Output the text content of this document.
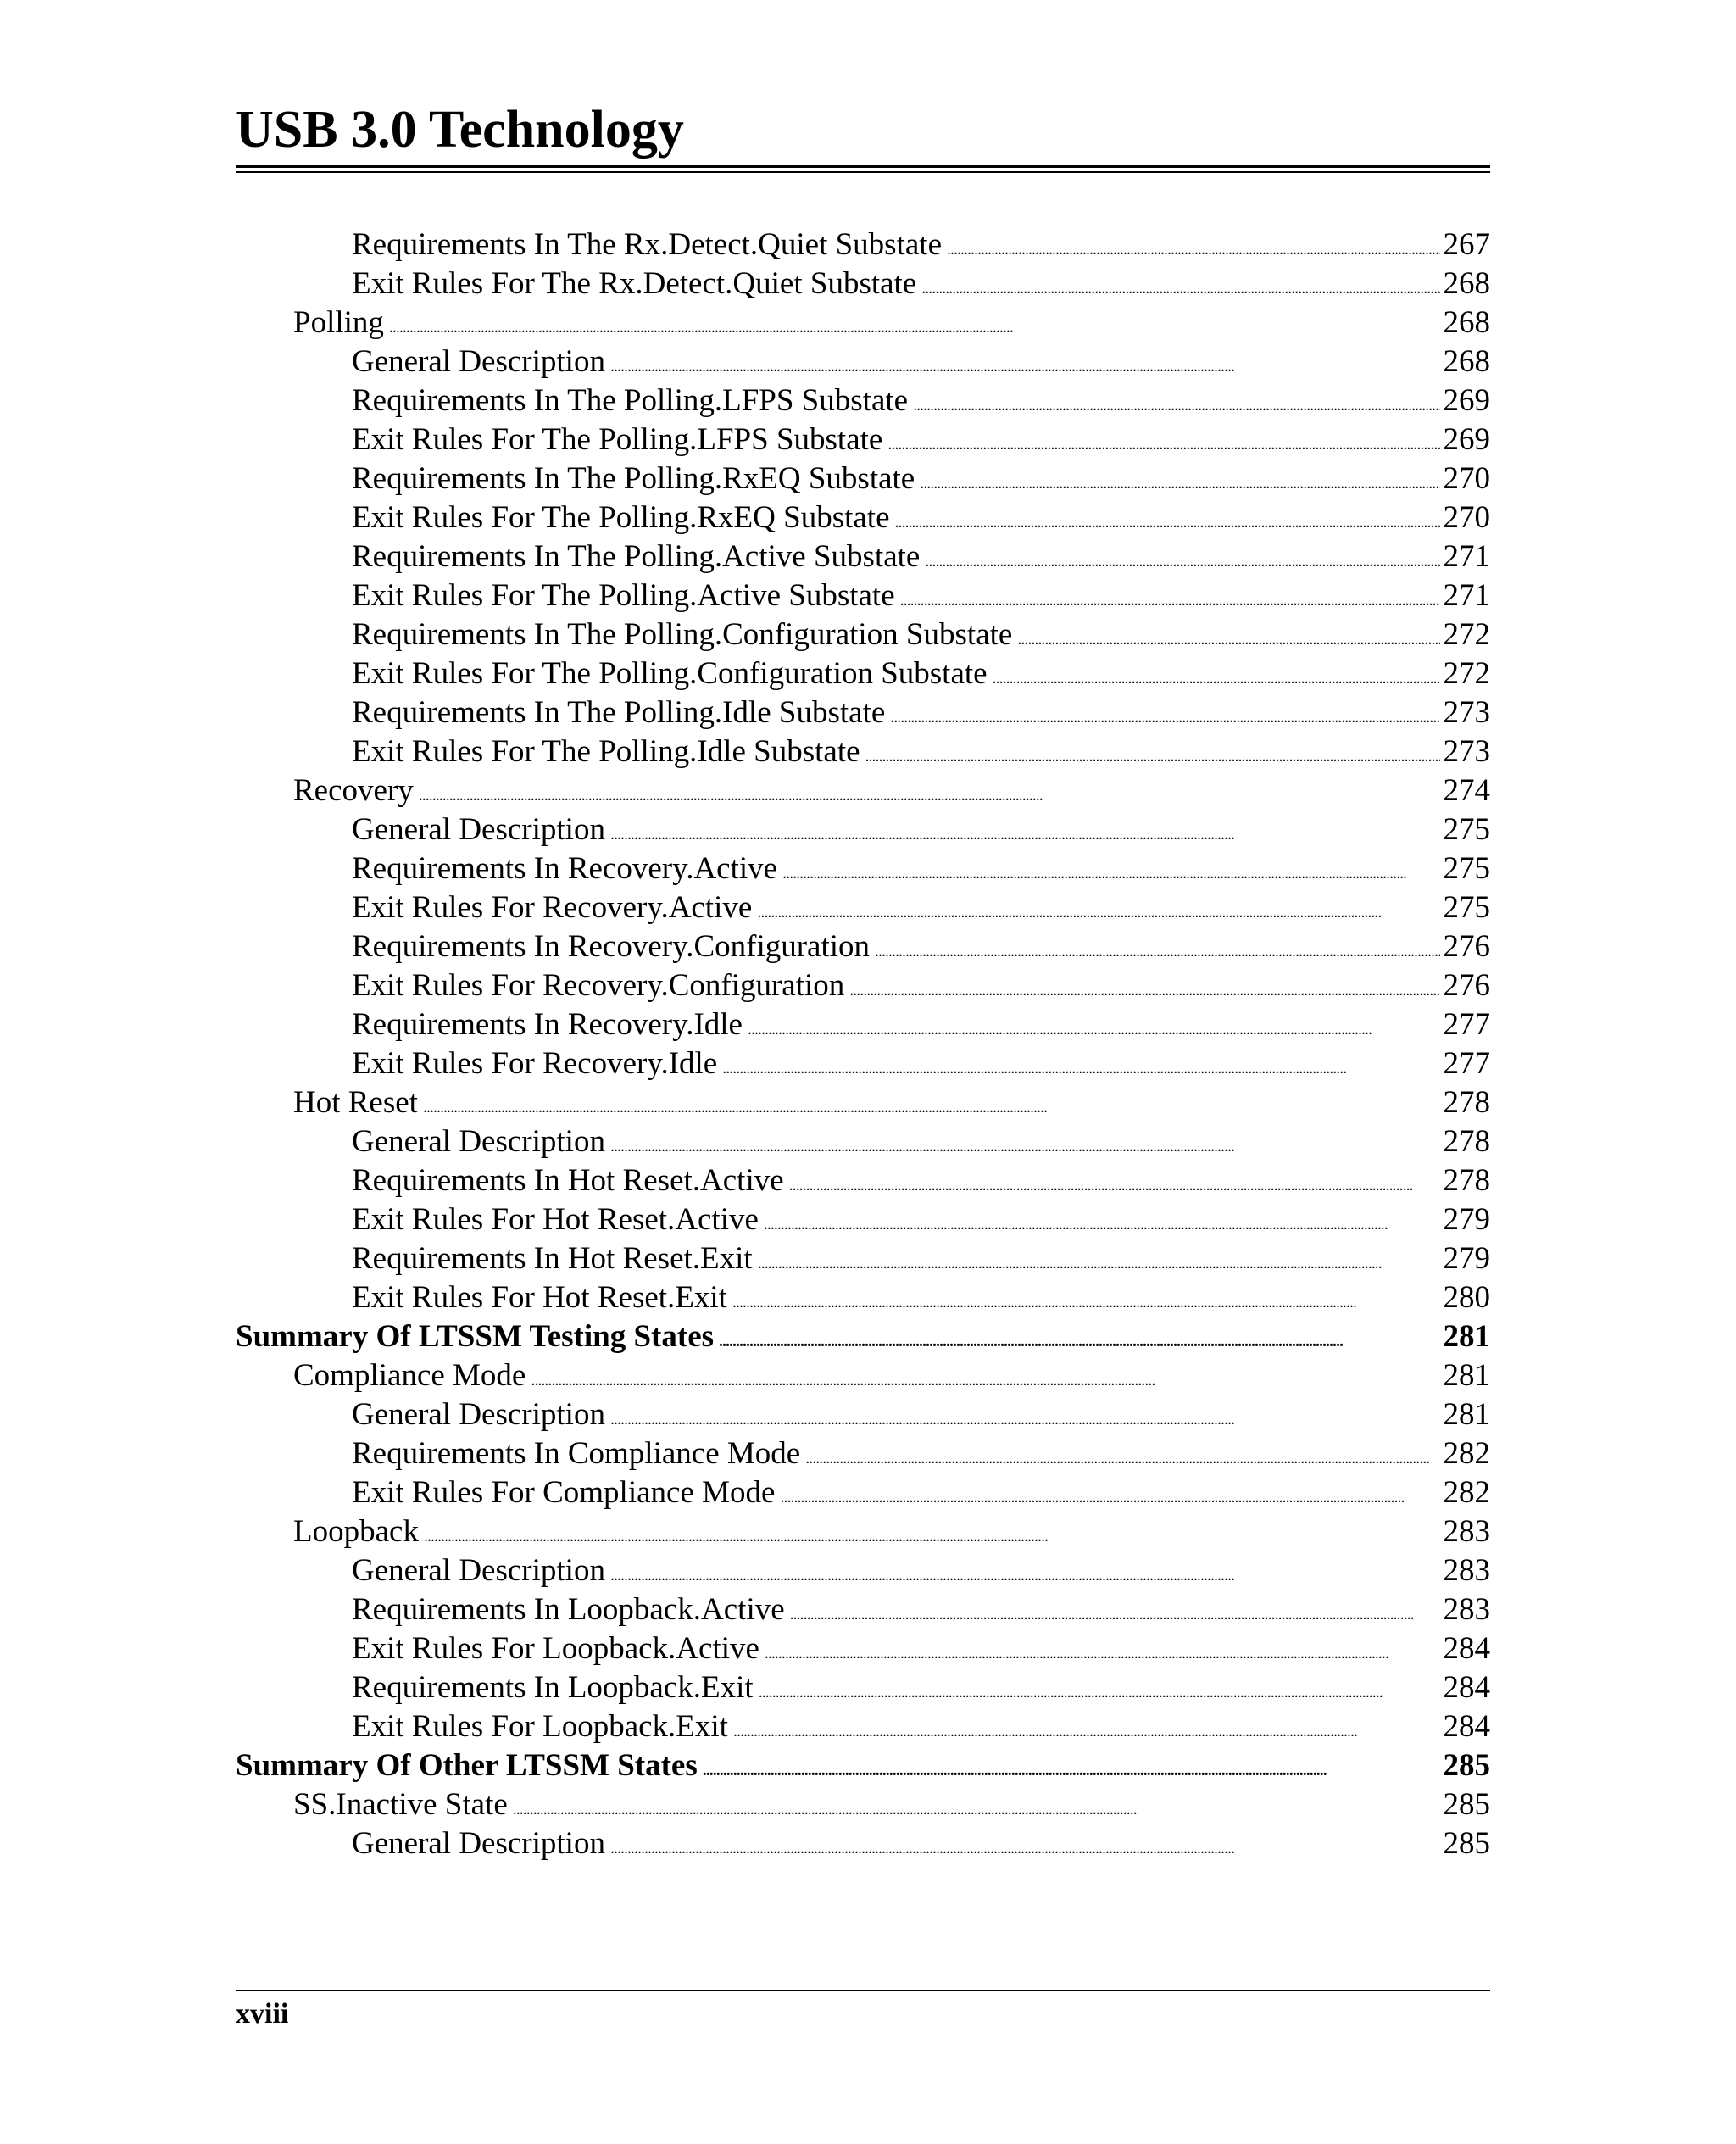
USB 3.0 Technology
Requirements In The Rx.Detect.Quiet Substate . . .	267
Exit Rules For The Rx.Detect.Quiet Substate . . .	268
Polling . . .	268
General Description . . .	268
Requirements In The Polling.LFPS Substate . . .	269
Exit Rules For The Polling.LFPS Substate . . .	269
Requirements In The Polling.RxEQ Substate . . .	270
Exit Rules For The Polling.RxEQ Substate . . .	270
Requirements In The Polling.Active Substate . . .	271
Exit Rules For The Polling.Active Substate . . .	271
Requirements In The Polling.Configuration Substate . . .	272
Exit Rules For The Polling.Configuration Substate . . .	272
Requirements In The Polling.Idle Substate . . .	273
Exit Rules For The Polling.Idle Substate . . .	273
Recovery . . .	274
General Description . . .	275
Requirements In Recovery.Active . . .	275
Exit Rules For Recovery.Active . . .	275
Requirements In Recovery.Configuration . . .	276
Exit Rules For Recovery.Configuration . . .	276
Requirements In Recovery.Idle . . .	277
Exit Rules For Recovery.Idle . . .	277
Hot Reset . . .	278
General Description . . .	278
Requirements In Hot Reset.Active . . .	278
Exit Rules For Hot Reset.Active . . .	279
Requirements In Hot Reset.Exit . . .	279
Exit Rules For Hot Reset.Exit . . .	280
Summary Of LTSSM Testing States . . .	281
Compliance Mode . . .	281
General Description . . .	281
Requirements In Compliance Mode . . .	282
Exit Rules For Compliance Mode . . .	282
Loopback . . .	283
General Description . . .	283
Requirements In Loopback.Active . . .	283
Exit Rules For Loopback.Active . . .	284
Requirements In Loopback.Exit . . .	284
Exit Rules For Loopback.Exit . . .	284
Summary Of Other LTSSM States . . .	285
SS.Inactive State . . .	285
General Description . . .	285
xviii
